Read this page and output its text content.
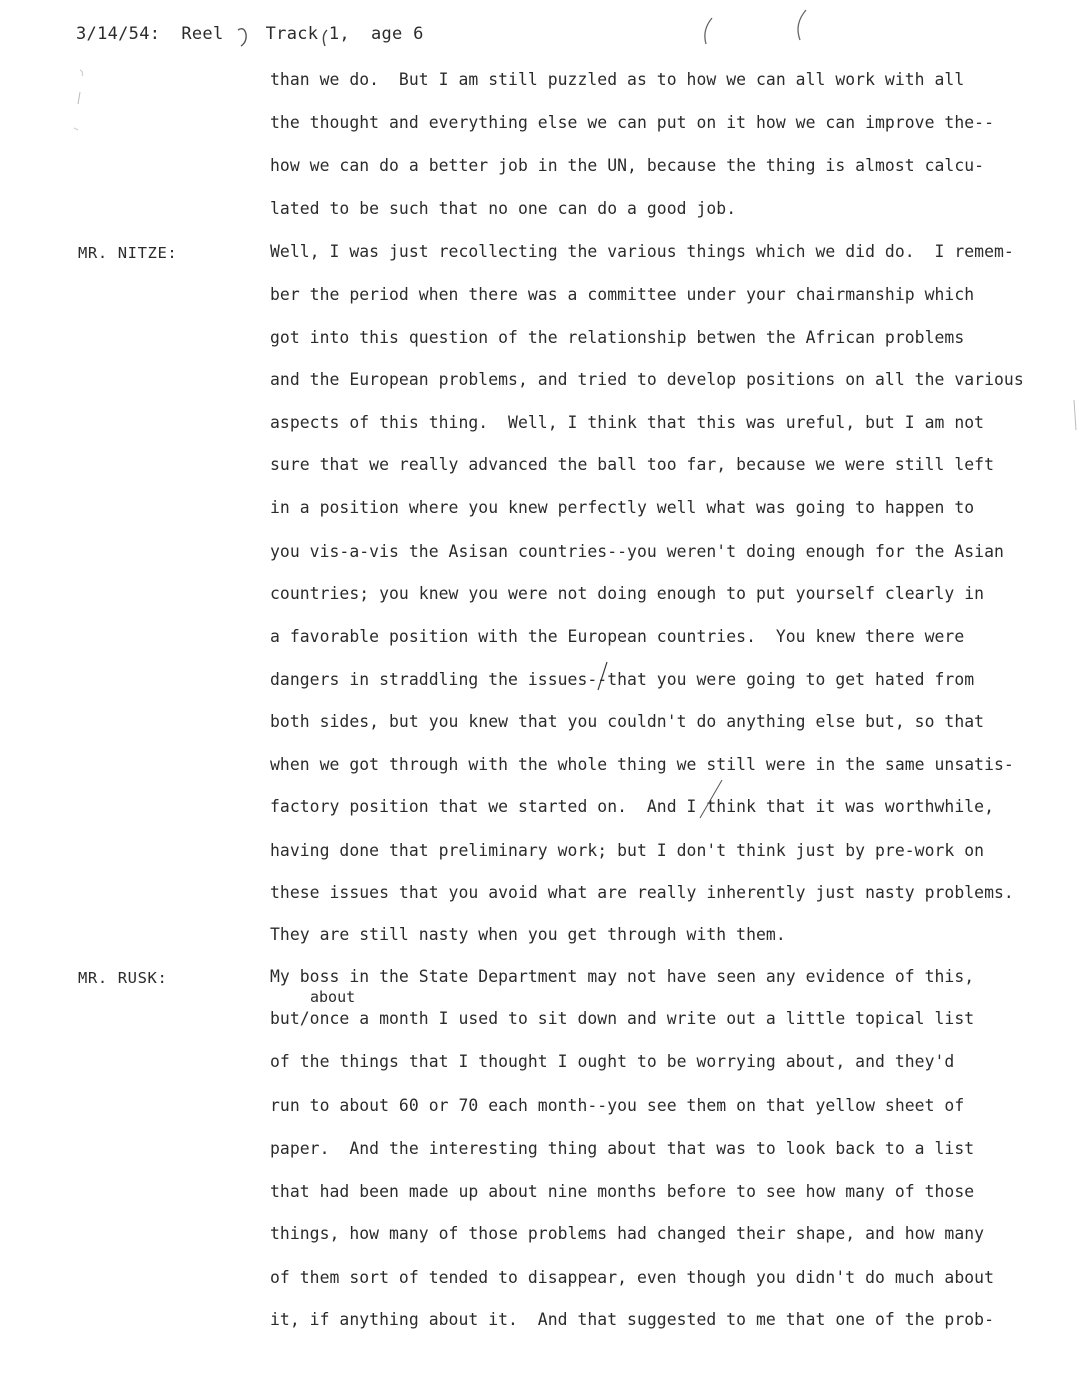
3/14/54:  Reel    Track 1,  age 6
MR. NITZE:
MR. RUSK:
than we do.  But I am still puzzled as to how we can all work with all
the thought and everything else we can put on it how we can improve the--
how we can do a better job in the UN, because the thing is almost calcu-
lated to be such that no one can do a good job.
Well, I was just recollecting the various things which we did do.  I remem-
ber the period when there was a committee under your chairmanship which
got into this question of the relationship betwen the African problems
and the European problems, and tried to develop positions on all the various
aspects of this thing.  Well, I think that this was ureful, but I am not
sure that we really advanced the ball too far, because we were still left
in a position where you knew perfectly well what was going to happen to
you vis-a-vis the Asisan countries--you weren't doing enough for the Asian
countries; you knew you were not doing enough to put yourself clearly in
a favorable position with the European countries.  You knew there were
dangers in straddling the issues--that you were going to get hated from
both sides, but you knew that you couldn't do anything else but, so that
when we got through with the whole thing we still were in the same unsatis-
factory position that we started on.  And I think that it was worthwhile,
having done that preliminary work; but I don't think just by pre-work on
these issues that you avoid what are really inherently just nasty problems.
They are still nasty when you get through with them.
My boss in the State Department may not have seen any evidence of this,
about
but/once a month I used to sit down and write out a little topical list
of the things that I thought I ought to be worrying about, and they'd
run to about 60 or 70 each month--you see them on that yellow sheet of
paper.  And the interesting thing about that was to look back to a list
that had been made up about nine months before to see how many of those
things, how many of those problems had changed their shape, and how many
of them sort of tended to disappear, even though you didn't do much about
it, if anything about it.  And that suggested to me that one of the prob-
